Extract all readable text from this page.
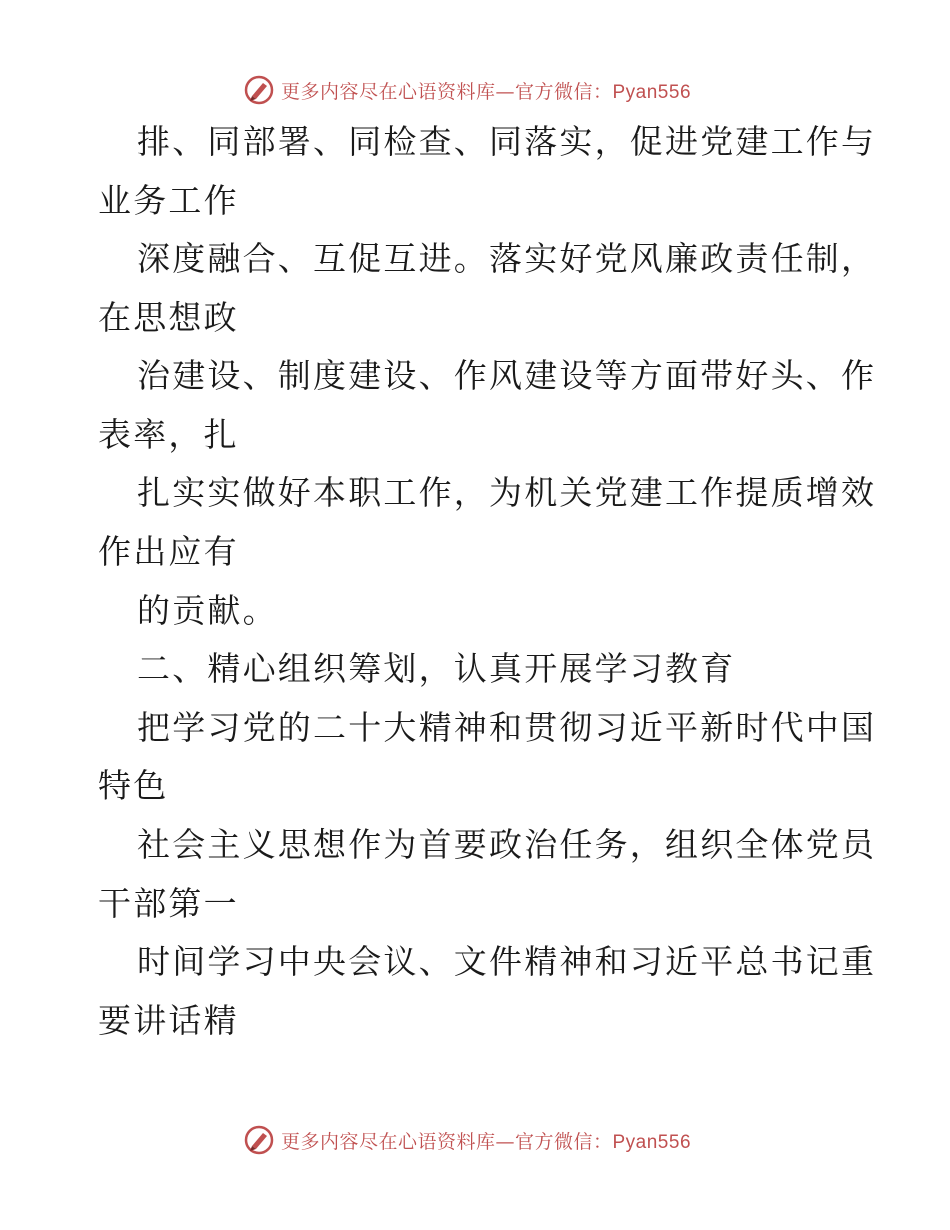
更多内容尽在心语资料库—官方微信：Pyan556
排、同部署、同检查、同落实，促进党建工作与
业务工作
深度融合、互促互进。落实好党风廉政责任制，
在思想政
治建设、制度建设、作风建设等方面带好头、作
表率，扎
扎实实做好本职工作，为机关党建工作提质增效
作出应有
的贡献。
二、精心组织筹划，认真开展学习教育
把学习党的二十大精神和贯彻习近平新时代中国
特色
社会主义思想作为首要政治任务，组织全体党员
干部第一
时间学习中央会议、文件精神和习近平总书记重
要讲话精
更多内容尽在心语资料库—官方微信：Pyan556
